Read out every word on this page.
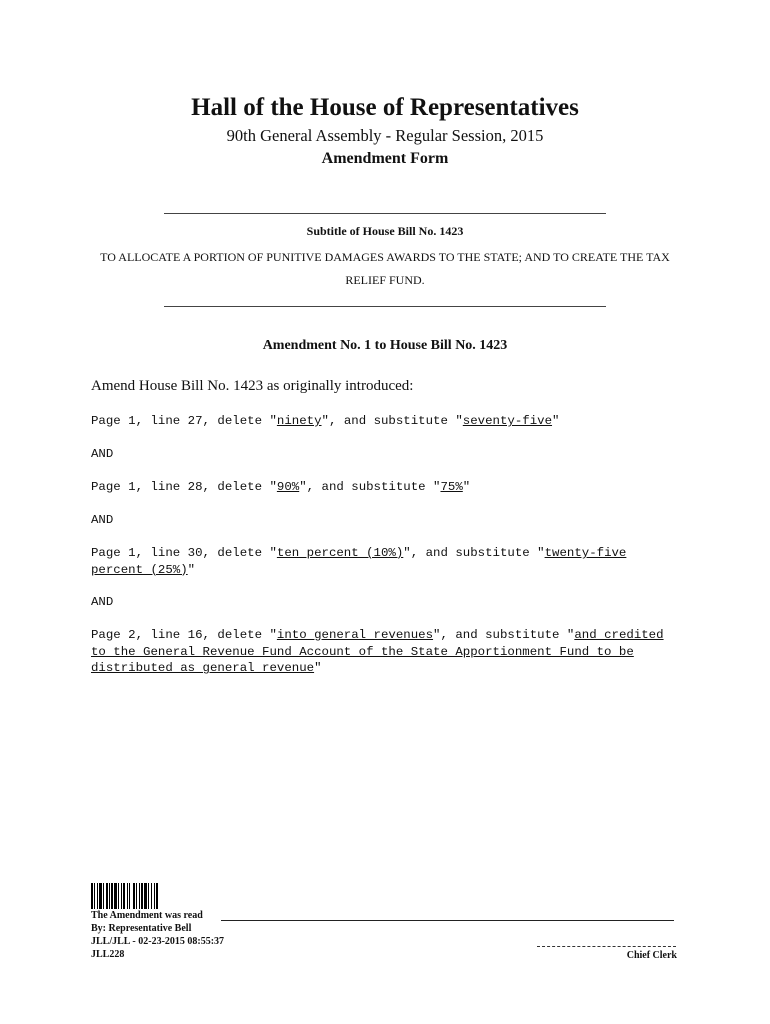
Hall of the House of Representatives
90th General Assembly - Regular Session, 2015
Amendment Form
Subtitle of House Bill No. 1423
TO ALLOCATE A PORTION OF PUNITIVE DAMAGES AWARDS TO THE STATE; AND TO CREATE THE TAX RELIEF FUND.
Amendment No. 1 to House Bill No. 1423
Amend House Bill No. 1423 as originally introduced:
Page 1, line 27, delete "ninety", and substitute "seventy-five"
AND
Page 1, line 28, delete "90%", and substitute "75%"
AND
Page 1, line 30, delete "ten percent (10%)", and substitute "twenty-five
percent (25%)"
AND
Page 2, line 16, delete "into general revenues", and substitute "and credited
to the General Revenue Fund Account of the State Apportionment Fund to be
distributed as general revenue"
The Amendment was read
By: Representative Bell
JLL/JLL - 02-23-2015 08:55:37
JLL228	Chief Clerk
